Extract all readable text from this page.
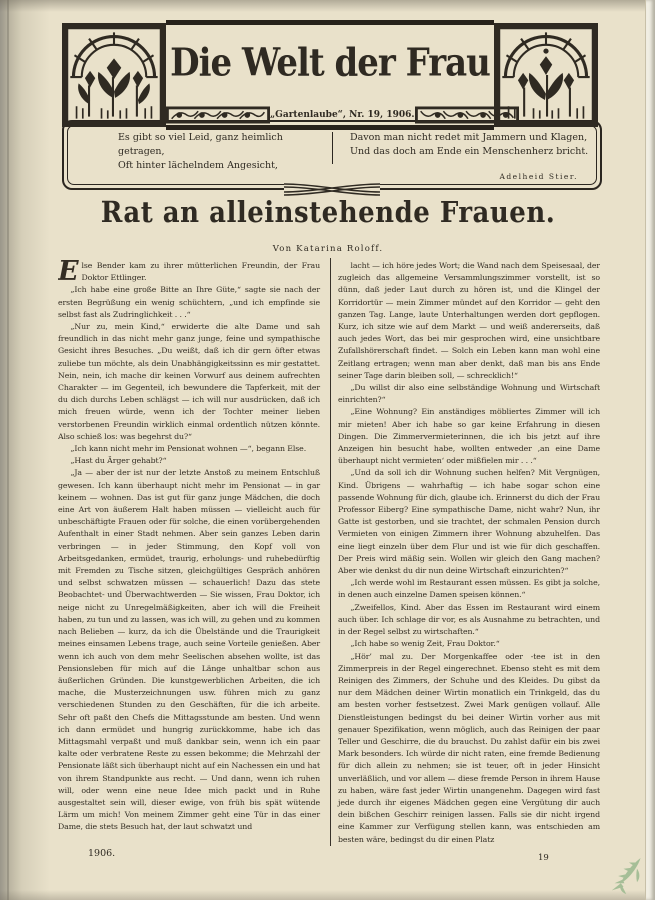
Die Welt der Frau
„Gartenlaube“, Nr. 19, 1906.
Es gibt so viel Leid, ganz heimlich getragen,
Oft hinter lächelndem Angesicht,
Davon man nicht redet mit Jammern und Klagen,
Und das doch am Ende ein Menschenherz bricht.
Adelheid Stier.
Rat an alleinstehende Frauen.
Von Katarina Roloff.

Else Bender kam zu ihrer mütterlichen Freundin, der Frau Doktor Ettlinger.

„Ich habe eine große Bitte an Ihre Güte,“ sagte sie nach der ersten Begrüßung ein wenig schüchtern, „und ich empfinde sie selbst fast als Zudringlichkeit . . .“

„Nur zu, mein Kind,“ erwiderte die alte Dame und sah freundlich in das nicht mehr ganz junge, feine und sympathische Gesicht ihres Besuches. „Du weißt, daß ich dir gern öfter etwas zuliebe tun möchte, als dein Unabhängigkeitssinn es mir gestattet. Nein, nein, ich mache dir keinen Vorwurf aus deinem aufrechten Charakter — im Gegenteil, ich bewundere die Tapferkeit, mit der du dich durchs Leben schlägst — ich will nur ausdrücken, daß ich mich freuen würde, wenn ich der Tochter meiner lieben verstorbenen Freundin wirklich einmal ordentlich nützen könnte. Also schieß los: was begehrst du?“

„Ich kann nicht mehr im Pensionat wohnen —“, begann Else.

„Hast du Ärger gehabt?“

„Ja — aber der ist nur der letzte Anstoß zu meinem Entschluß gewesen. Ich kann überhaupt nicht mehr im Pensionat — in gar keinem — wohnen. Das ist gut für ganz junge Mädchen, die doch eine Art von äußerem Halt haben müssen — vielleicht auch für unbeschäftigte Frauen oder für solche, die einen vorübergehenden Aufenthalt in einer Stadt nehmen. Aber sein ganzes Leben darin verbringen — in jeder Stimmung, den Kopf voll von Arbeitsgedanken, ermüdet, traurig, erholungs- und ruhebedürftig mit Fremden zu Tische sitzen, gleichgültiges Gespräch anhören und selbst schwatzen müssen — schauerlich! Dazu das stete Beobachtet- und Überwachtwerden — Sie wissen, Frau Doktor, ich neige nicht zu Unregelmäßigkeiten, aber ich will die Freiheit haben, zu tun und zu lassen, was ich will, zu gehen und zu kommen nach Belieben — kurz, da ich die Übelstände und die Traurigkeit meines einsamen Lebens trage, auch seine Vorteile genießen. Aber wenn ich auch von dem mehr Seelischen absehen wollte, ist das Pensionsleben für mich auf die Länge unhaltbar schon aus äußerlichen Gründen. Die kunstgewerblichen Arbeiten, die ich mache, die Musterzeichnungen usw. führen mich zu ganz verschiedenen Stunden zu den Geschäften, für die ich arbeite. Sehr oft paßt den Chefs die Mittagsstunde am besten. Und wenn ich dann ermüdet und hungrig zurückkomme, habe ich das Mittagsmahl verpaßt und muß dankbar sein, wenn ich ein paar kalte oder verbratene Reste zu essen bekomme; die Mehrzahl der Pensionate läßt sich überhaupt nicht auf ein Nachessen ein und hat von ihrem Standpunkte aus recht. — Und dann, wenn ich ruhen will, oder wenn eine neue Idee mich packt und in Ruhe ausgestaltet sein will, dieser ewige, von früh bis spät wütende Lärm um mich! Von meinem Zimmer geht eine Tür in das einer Dame, die stets Besuch hat, der laut schwatzt und

lacht — ich höre jedes Wort; die Wand nach dem Speisesaal, der zugleich das allgemeine Versammlungszimmer vorstellt, ist so dünn, daß jeder Laut durch zu hören ist, und die Klingel der Korridortür — mein Zimmer mündet auf den Korridor — geht den ganzen Tag. Lange, laute Unterhaltungen werden dort gepflogen. Kurz, ich sitze wie auf dem Markt — und weiß andererseits, daß auch jedes Wort, das bei mir gesprochen wird, eine unsichtbare Zufallshörerschaft findet. — Solch ein Leben kann man wohl eine Zeitlang ertragen; wenn man aber denkt, daß man bis ans Ende seiner Tage darin bleiben soll, — schrecklich!“

„Du willst dir also eine selbständige Wohnung und Wirtschaft einrichten?“

„Eine Wohnung? Ein anständiges möbliertes Zimmer will ich mir mieten! Aber ich habe so gar keine Erfahrung in diesen Dingen. Die Zimmervermieterinnen, die ich bis jetzt auf ihre Anzeigen hin besucht habe, wollten entweder ‚an eine Dame überhaupt nicht vermieten‘ oder mißfielen mir . . .“

„Und da soll ich dir Wohnung suchen helfen? Mit Vergnügen, Kind. Übrigens — wahrhaftig — ich habe sogar schon eine passende Wohnung für dich, glaube ich. Erinnerst du dich der Frau Professor Eiberg? Eine sympathische Dame, nicht wahr? Nun, ihr Gatte ist gestorben, und sie trachtet, der schmalen Pension durch Vermieten von einigen Zimmern ihrer Wohnung abzuhelfen. Das eine liegt einzeln über dem Flur und ist wie für dich geschaffen. Der Preis wird mäßig sein. Wollen wir gleich den Gang machen? Aber wie denkst du dir nun deine Wirtschaft einzurichten?“

„Ich werde wohl im Restaurant essen müssen. Es gibt ja solche, in denen auch einzelne Damen speisen können.“

„Zweifellos, Kind. Aber das Essen im Restaurant wird einem auch über. Ich schlage dir vor, es als Ausnahme zu betrachten, und in der Regel selbst zu wirtschaften.“

„Ich habe so wenig Zeit, Frau Doktor.“

„Hör’ mal zu. Der Morgenkaffee oder -tee ist in den Zimmerpreis in der Regel eingerechnet. Ebenso steht es mit dem Reinigen des Zimmers, der Schuhe und des Kleides. Du gibst da nur dem Mädchen deiner Wirtin monatlich ein Trinkgeld, das du am besten vorher festsetzest. Zwei Mark genügen vollauf. Alle Dienstleistungen bedingst du bei deiner Wirtin vorher aus mit genauer Spezifikation, wenn möglich, auch das Reinigen der paar Teller und Geschirre, die du brauchst. Du zahlst dafür ein bis zwei Mark besonders. Ich würde dir nicht raten, eine fremde Bedienung für dich allein zu nehmen; sie ist teuer, oft in jeder Hinsicht unverläßlich, und vor allem — diese fremde Person in ihrem Hause zu haben, wäre fast jeder Wirtin unangenehm. Dagegen wird fast jede durch ihr eigenes Mädchen gegen eine Vergütung dir auch dein bißchen Geschirr reinigen lassen. Falls sie dir nicht irgend eine Kammer zur Verfügung stellen kann, was entschieden am besten wäre, bedingst du dir einen Platz

1906.	19
